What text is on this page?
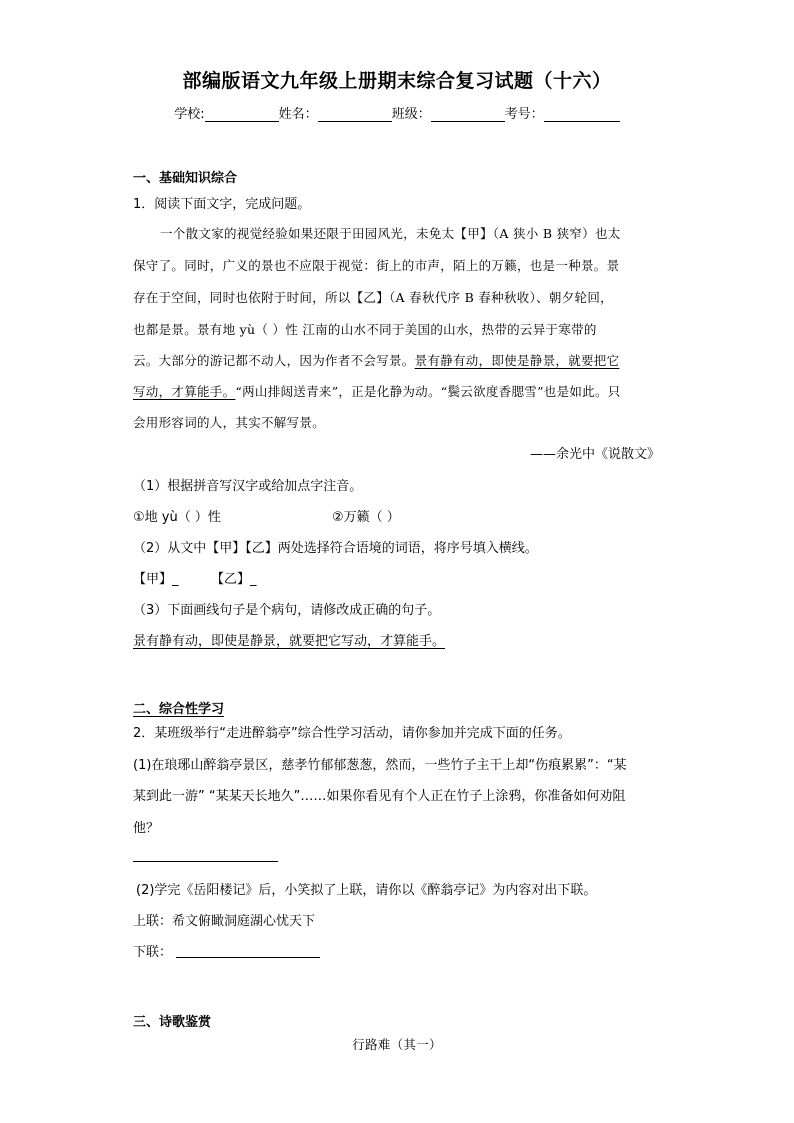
部编版语文九年级上册期末综合复习试题（十六）
学校:	姓名：	班级：	考号：
一、基础知识综合
1．阅读下面文字，完成问题。
一个散文家的视觉经验如果还限于田园风光，未免太【甲】（A 狭小 B 狭窄）也太
保守了。同时，广义的景也不应限于视觉：街上的市声，陌上的万籁，也是一种景。景
存在于空间，同时也依附于时间，所以【乙】（A 春秋代序 B 春种秋收）、朝夕轮回，
也都是景。景有地 yù（ ）性 江南的山水不同于美国的山水，热带的云异于寒带的
云。大部分的游记都不动人，因为作者不会写景。景有静有动，即使是静景，就要把它
写动，才算能手。“两山排闼送青来”，正是化静为动。“鬓云欲度香腮雪”也是如此。只
会用形容词的人，其实不解写景。
——余光中《说散文》
（1）根据拼音写汉字或给加点字注音。
①地 yù（ ）性	②万籁（ ）
（2）从文中【甲】【乙】两处选择符合语境的词语，将序号填入横线。
【甲】_ 【乙】_
（3）下面画线句子是个病句，请修改成正确的句子。
景有静有动，即使是静景，就要把它写动，才算能手。
二、综合性学习
2．某班级举行“走进醉翁亭”综合性学习活动，请你参加并完成下面的任务。
(1)在琅琊山醉翁亭景区，慈孝竹郁郁葱葱，然而，一些竹子主干上却“伤痕累累”：“某
某到此一游” “某某天长地久”……如果你看见有个人正在竹子上涂鸦，你准备如何劝阻
他？
(2)学完《岳阳楼记》后，小笑拟了上联，请你以《醉翁亭记》为内容对出下联。
上联：希文俯瞰洞庭湖心忧天下
下联：
三、诗歌鉴赏
行路难（其一）
